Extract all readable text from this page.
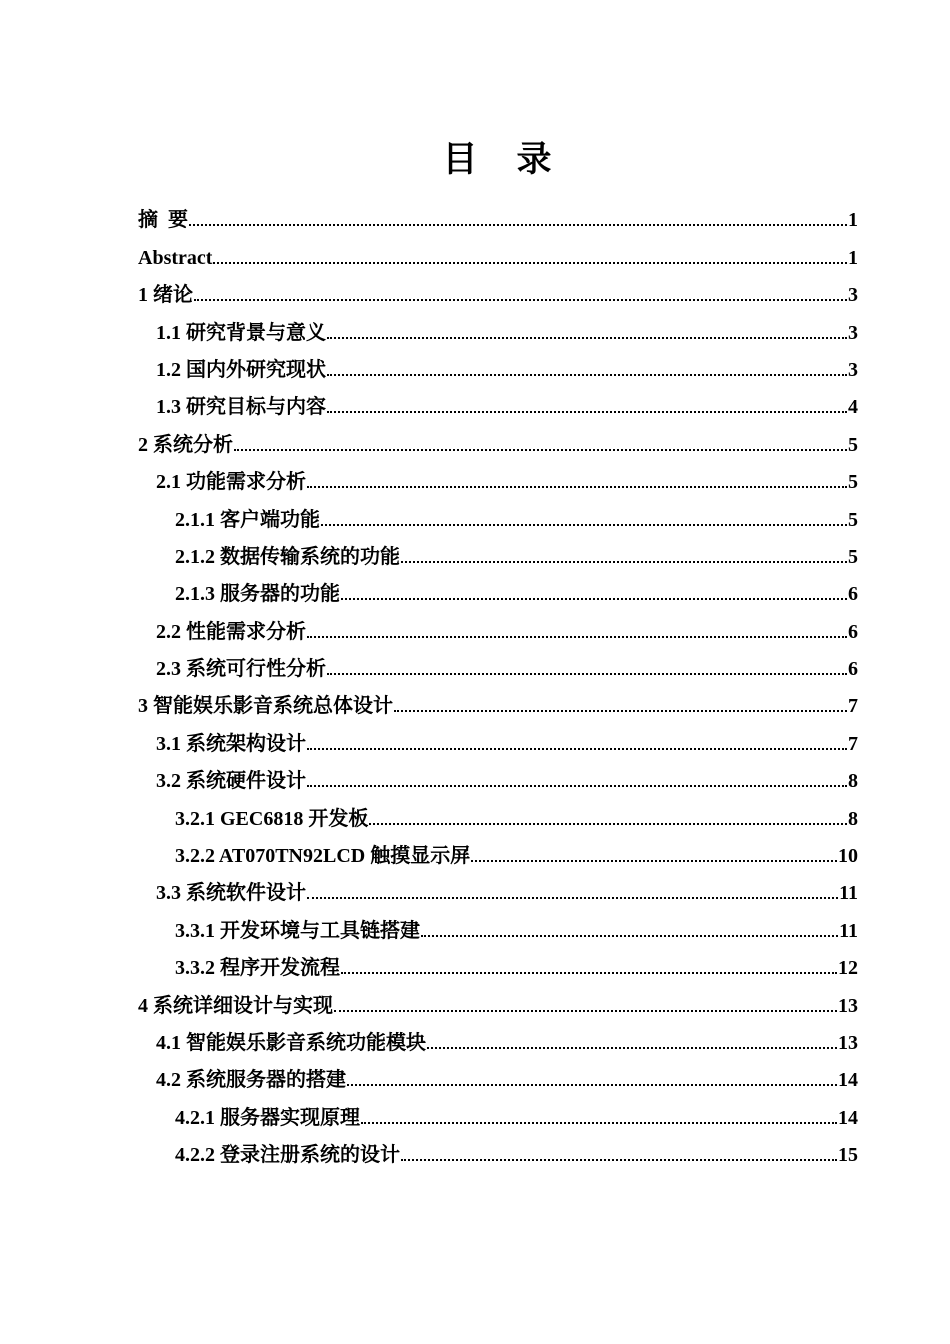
目　录
摘  要	1
Abstract	1
1 绪论	3
1.1 研究背景与意义	3
1.2 国内外研究现状	3
1.3 研究目标与内容	4
2 系统分析	5
2.1 功能需求分析	5
2.1.1 客户端功能	5
2.1.2 数据传输系统的功能	5
2.1.3 服务器的功能	6
2.2 性能需求分析	6
2.3 系统可行性分析	6
3 智能娱乐影音系统总体设计	7
3.1 系统架构设计	7
3.2 系统硬件设计	8
3.2.1 GEC6818 开发板	8
3.2.2 AT070TN92LCD 触摸显示屏	10
3.3 系统软件设计	11
3.3.1 开发环境与工具链搭建	11
3.3.2 程序开发流程	12
4 系统详细设计与实现	13
4.1 智能娱乐影音系统功能模块	13
4.2 系统服务器的搭建	14
4.2.1 服务器实现原理	14
4.2.2 登录注册系统的设计	15
